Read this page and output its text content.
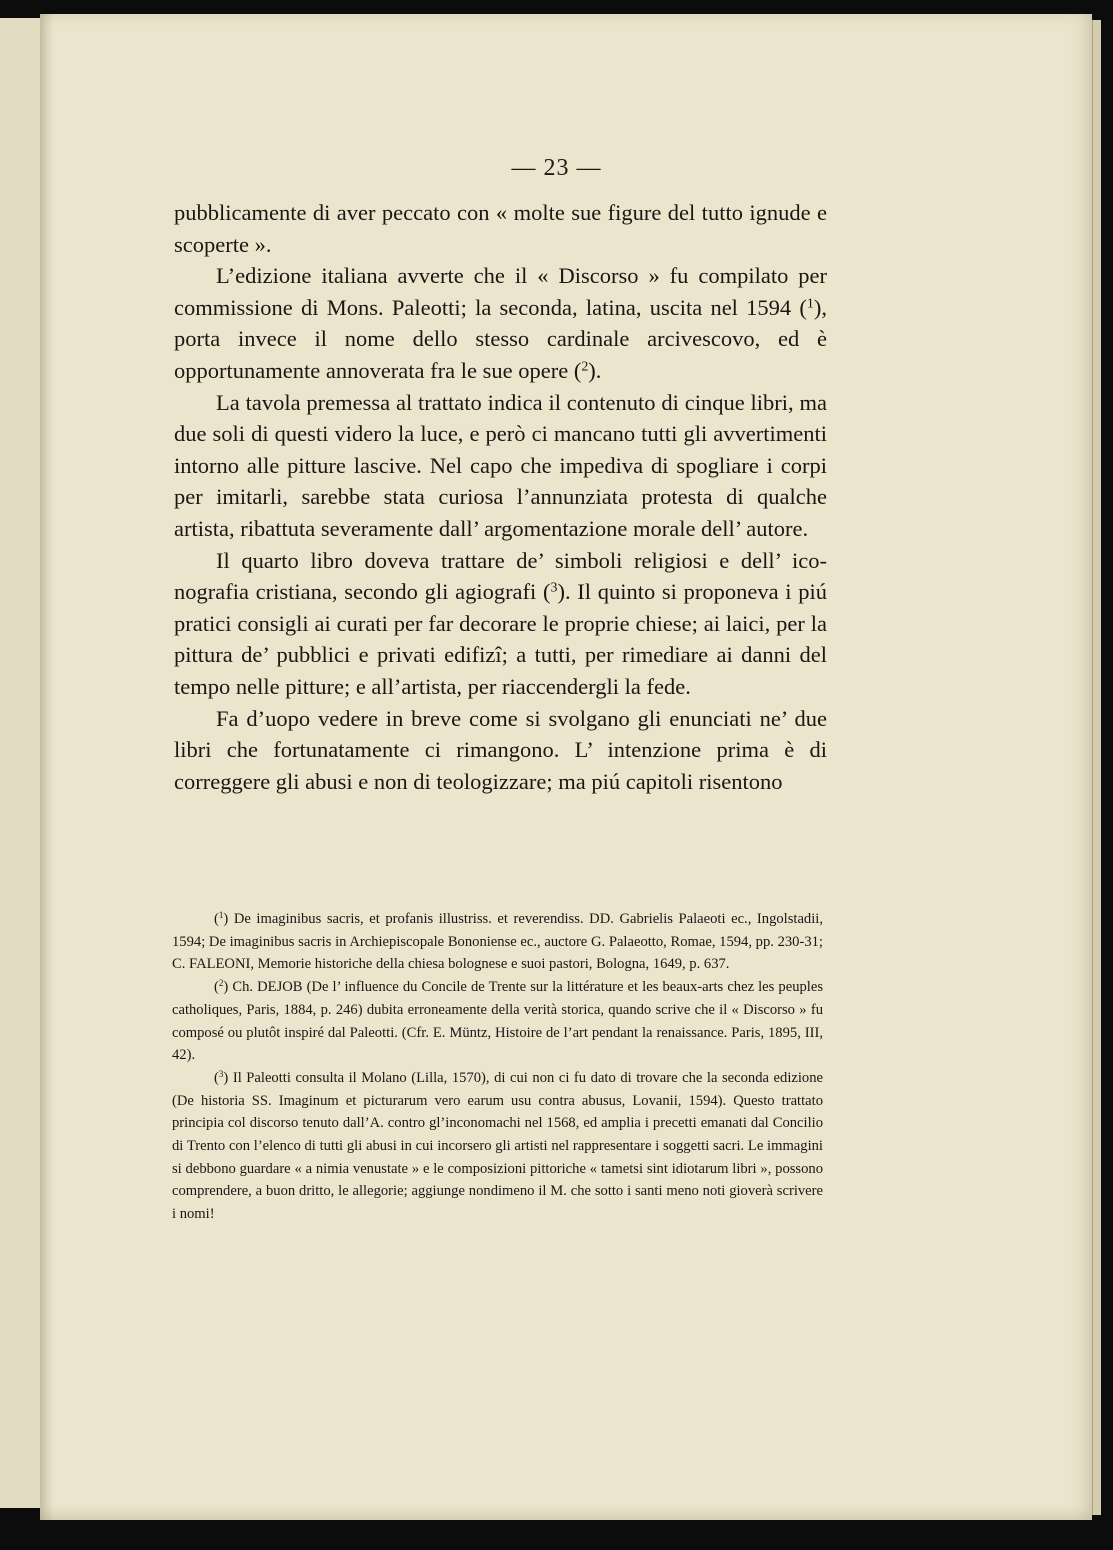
— 23 —

pubblicamente di aver peccato con « molte sue figure del tutto ignude e scoperte ».

L’edizione italiana avverte che il « Discorso » fu compilato per commissione di Mons. Paleotti; la seconda, latina, uscita nel 1594 ($^1$), porta invece il nome dello stesso cardinale arcivescovo, ed è opportunamente annoverata fra le sue opere ($^2$).

La tavola premessa al trattato indica il contenuto di cinque libri, ma due soli di questi videro la luce, e però ci mancano tutti gli avvertimenti intorno alle pitture lascive. Nel capo che impediva di spogliare i corpi per imitarli, sarebbe stata curiosa l’annunziata protesta di qualche artista, ribattuta severamente dall’ argomentazione morale dell’ autore.

Il quarto libro doveva trattare de’ simboli religiosi e dell’ iconografia cristiana, secondo gli agiografi ($^3$). Il quinto si proponeva i piú pratici consigli ai curati per far decorare le proprie chiese; ai laici, per la pittura de’ pubblici e privati edifizî; a tutti, per rimediare ai danni del tempo nelle pitture; e all’artista, per riaccendergli la fede.

Fa d’uopo vedere in breve come si svolgano gli enunciati ne’ due libri che fortunatamente ci rimangono. L’ intenzione prima è di correggere gli abusi e non di teologizzare; ma piú capitoli risentono

($^1$) De imaginibus sacris, et profanis illustriss. et reverendiss. DD. Gabrielis Palaeoti ec., Ingolstadii, 1594; De imaginibus sacris in Archiepiscopale Bononiense ec., auctore G. Palaeotto, Romae, 1594, pp. 230-31; C. FALEONI, Memorie historiche della chiesa bolognese e suoi pastori, Bologna, 1649, p. 637.

($^2$) Ch. DEJOB (De l’ influence du Concile de Trente sur la littérature et les beaux-arts chez les peuples catholiques, Paris, 1884, p. 246) dubita erroneamente della verità storica, quando scrive che il « Discorso » fu composé ou plutôt inspiré dal Paleotti. (Cfr. E. Müntz, Histoire de l’art pendant la renaissance. Paris, 1895, III, 42).

($^3$) Il Paleotti consulta il Molano (Lilla, 1570), di cui non ci fu dato di trovare che la seconda edizione (De historia SS. Imaginum et picturarum vero earum usu contra abusus, Lovanii, 1594). Questo trattato principia col discorso tenuto dall’A. contro gl’inconomachi nel 1568, ed amplia i precetti emanati dal Concilio di Trento con l’elenco di tutti gli abusi in cui incorsero gli artisti nel rappresentare i soggetti sacri. Le immagini si debbono guardare « a nimia venustate » e le composizioni pittoriche « tametsi sint idiotarum libri », possono comprendere, a buon dritto, le allegorie; aggiunge nondimeno il M. che sotto i santi meno noti gioverà scrivere i nomi!
